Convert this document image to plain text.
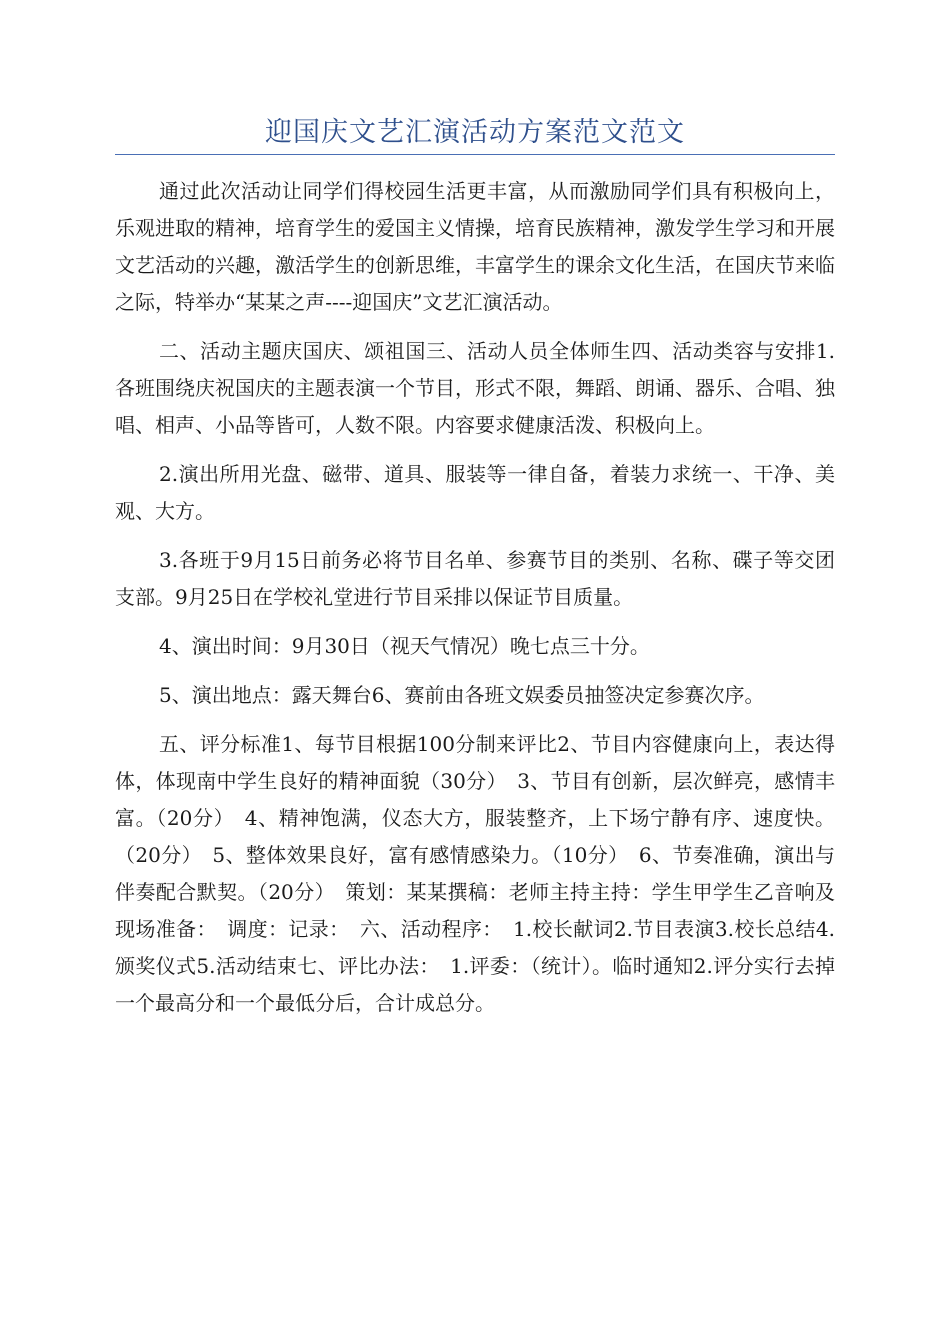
迎国庆文艺汇演活动方案范文范文

通过此次活动让同学们得校园生活更丰富，从而激励同学们具有积极向上，乐观进取的精神，培育学生的爱国主义情操，培育民族精神，激发学生学习和开展文艺活动的兴趣，激活学生的创新思维，丰富学生的课余文化生活，在国庆节来临之际，特举办“某某之声----迎国庆”文艺汇演活动。

二、活动主题庆国庆、颂祖国三、活动人员全体师生四、活动类容与安排1.各班围绕庆祝国庆的主题表演一个节目，形式不限，舞蹈、朗诵、器乐、合唱、独唱、相声、小品等皆可，人数不限。内容要求健康活泼、积极向上。

2.演出所用光盘、磁带、道具、服装等一律自备，着装力求统一、干净、美观、大方。

3.各班于9月15日前务必将节目名单、参赛节目的类别、名称、碟子等交团支部。9月25日在学校礼堂进行节目采排以保证节目质量。

4、演出时间：9月30日（视天气情况）晚七点三十分。

5、演出地点：露天舞台6、赛前由各班文娱委员抽签决定参赛次序。

五、评分标准1、每节目根据100分制来评比2、节目内容健康向上，表达得体，体现南中学生良好的精神面貌（30分）　3、节目有创新，层次鲜亮，感情丰富。（20分）　4、精神饱满，仪态大方，服装整齐，上下场宁静有序、速度快。（20分）　5、整体效果良好，富有感情感染力。（10分）　6、节奏准确，演出与伴奏配合默契。（20分）　策划：某某撰稿：老师主持主持：学生甲学生乙音响及现场准备：　调度：记录：　六、活动程序：　1.校长献词2.节目表演3.校长总结4.颁奖仪式5.活动结束七、评比办法：　1.评委：（统计）。临时通知2.评分实行去掉一个最高分和一个最低分后，合计成总分。
